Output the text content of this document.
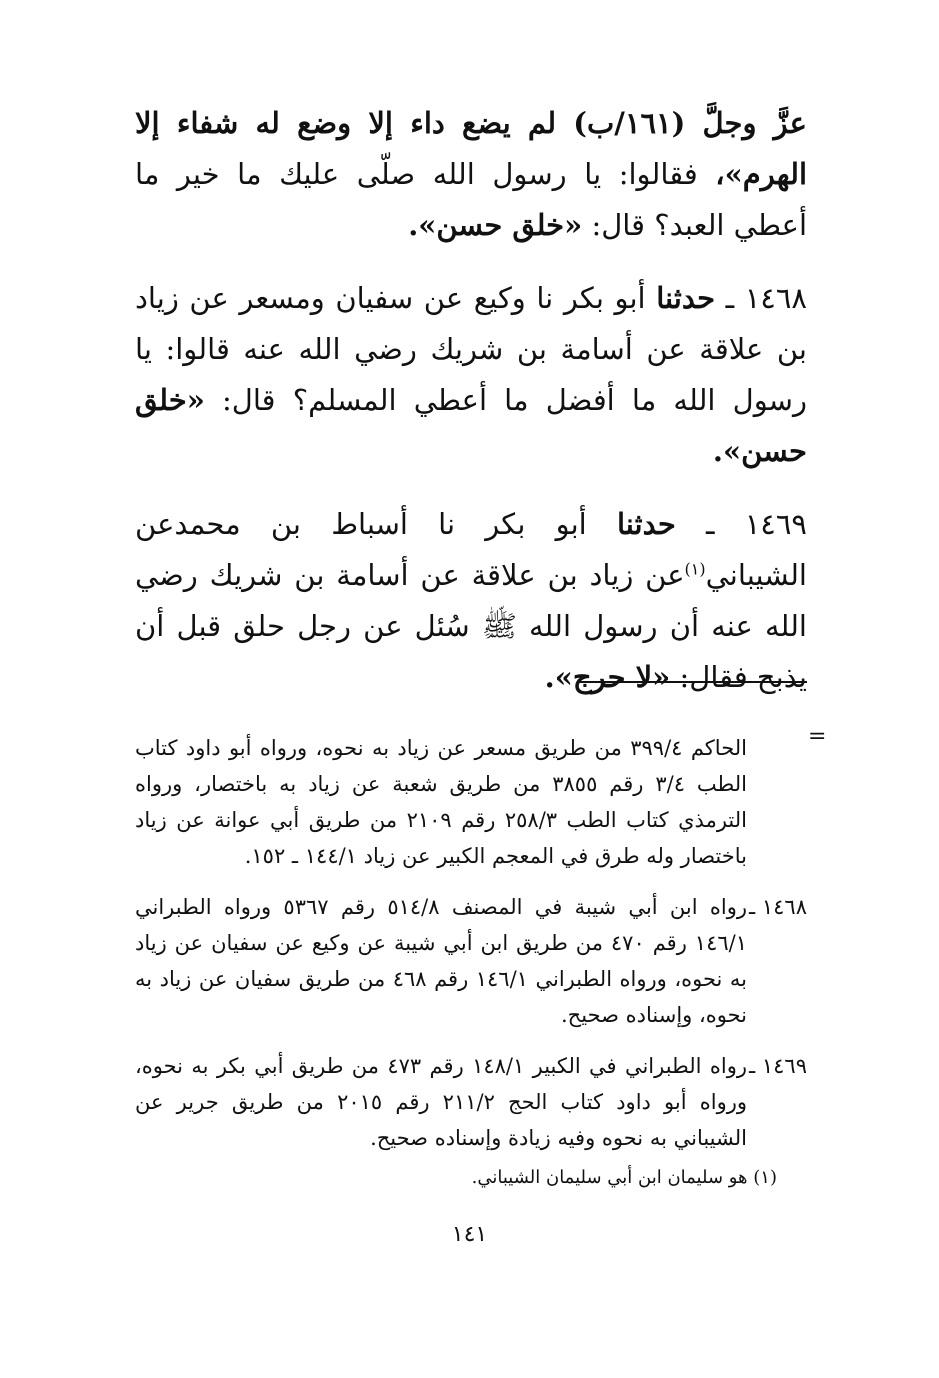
عزَّ وجلَّ (١٦١/ب) لم يضع داء إلا وضع له شفاء إلا الهرم»، فقالوا: يا رسول الله صلّى عليك ما خير ما أعطي العبد؟ قال: «خلق حسن».

١٤٦٨ ـ حدثنا أبو بكر نا وكيع عن سفيان ومسعر عن زياد بن علاقة عن أسامة بن شريك رضي الله عنه قالوا: يا رسول الله ما أفضل ما أعطي المسلم؟ قال: «خلق حسن».

١٤٦٩ ـ حدثنا أبو بكر نا أسباط بن محمدعن الشيباني$^{(١)}$عن زياد بن علاقة عن أسامة بن شريك رضي الله عنه أن رسول الله ﷺ سُئل عن رجل حلق قبل أن يذبح فقال: «لا حرج».

=
الحاكم ٣٩٩/٤ من طريق مسعر عن زياد به نحوه، ورواه أبو داود كتاب الطب ٣/٤ رقم ٣٨٥٥ من طريق شعبة عن زياد به باختصار، ورواه الترمذي كتاب الطب ٢٥٨/٣ رقم ٢١٠٩ من طريق أبي عوانة عن زياد باختصار وله طرق في المعجم الكبير عن زياد ١٤٤/١ ـ ١٥٢.
١٤٦٨ ـ
رواه ابن أبي شيبة في المصنف ٥١٤/٨ رقم ٥٣٦٧ ورواه الطبراني ١٤٦/١ رقم ٤٧٠ من طريق ابن أبي شيبة عن وكيع عن سفيان عن زياد به نحوه، ورواه الطبراني ١٤٦/١ رقم ٤٦٨ من طريق سفيان عن زياد به نحوه، وإسناده صحيح.
١٤٦٩ ـ
رواه الطبراني في الكبير ١٤٨/١ رقم ٤٧٣ من طريق أبي بكر به نحوه، ورواه أبو داود كتاب الحج ٢١١/٢ رقم ٢٠١٥ من طريق جرير عن الشيباني به نحوه وفيه زيادة وإسناده صحيح.
(١) هو سليمان ابن أبي سليمان الشيباني.
١٤١
